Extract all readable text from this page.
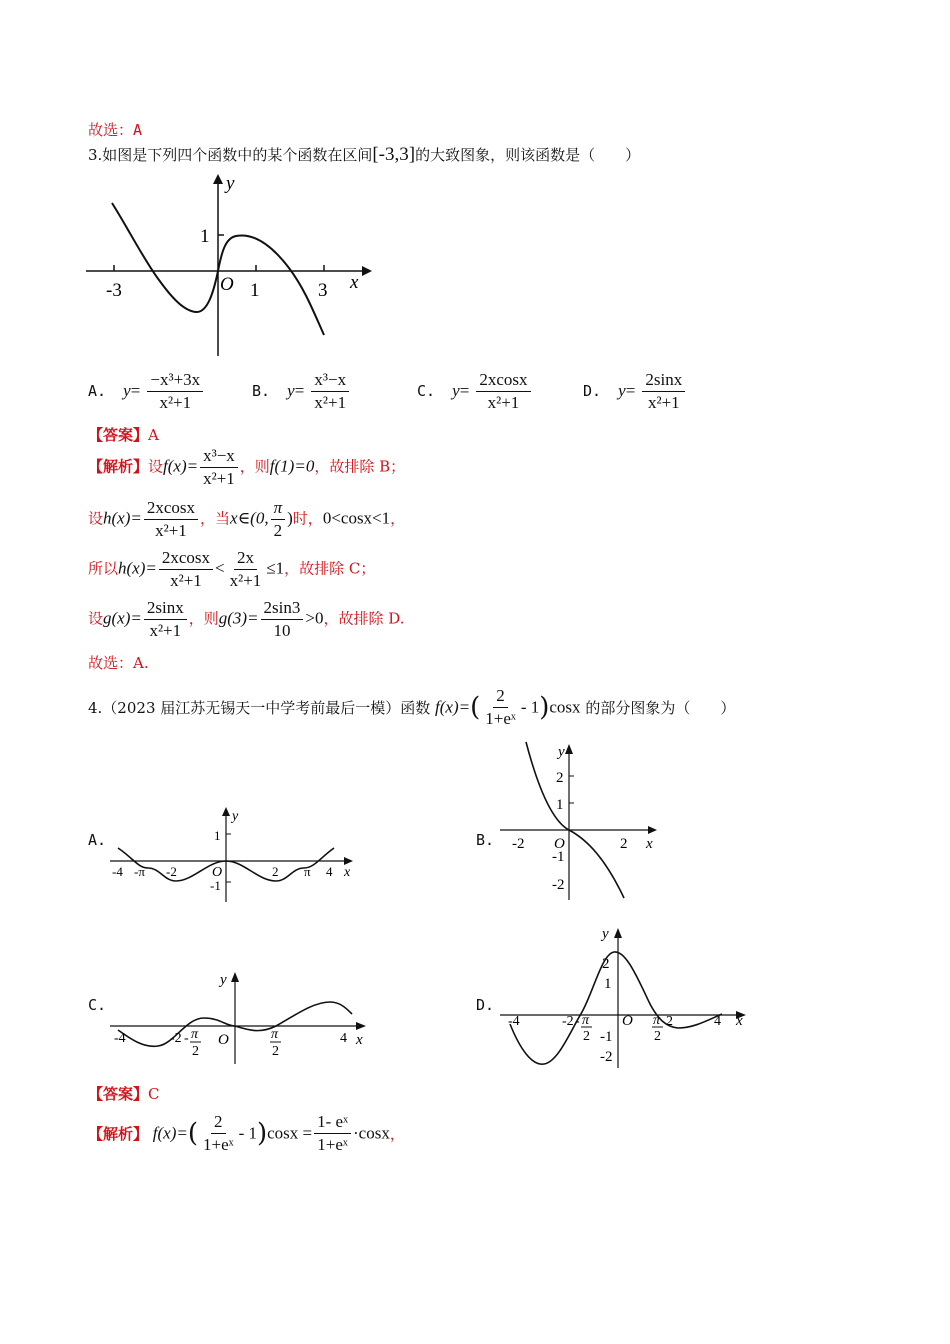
故选：A
3.如图是下列四个函数中的某个函数在区间[-3,3]的大致图象，则该函数是（　　）
y
x
O
1
1	3
-3
A. $y= \frac{\text{−x³+3x}}{\text{x²+1}}$	B. $y= \frac{\text{x³−x}}{\text{x²+1}}$	C. $y= \frac{2xcosx}{\text{x²+1}}$	D. $y= \frac{2\sin x}{\text{x²+1}}$
【答案】A
【解析】设$f(x)= \frac{\text{x³−x}}{\text{x²+1}}$ ，则f(1)=0，故排除 B；
设$h(x)= \frac{2xcosx}{\text{x²+1}}$ ，当x∈(0, $\frac{\pi}{2}$ )时，0<cosx<1，
所以$h(x)= \frac{2xcosx}{\text{x²+1}} < \frac{2x}{\text{x²+1}} \le 1$，故排除 C；
设$g(x)= \frac{2\sin x}{\text{x²+1}}$ ，则$g(3)= \frac{2\sin 3}{10} >0$，故排除 D.
故选：A.
4.（2023 届江苏无锡天一中学考前最后一模）函数 $f(x)=( \frac{2}{\text{1+eˣ}} - 1)\cos x$ 的部分图象为（　　）
A.
y
x
O
1
-1
-4 -π -2	2 π 4
B.
y
x
O
2
1
-1
-2
-2	2
C.
y
x
O
-4	-2 - π
2
π
2
4
D.
y
x
O
2
1
-1
-2
-4	-2 - π
2
π
2
2	4
【答案】C
【解析】 $f(x)=( \frac{2}{\text{1+eˣ}} - 1)\cos x = \frac{\text{1- eˣ}}{\text{1+eˣ}} \cdot\cos x$，
